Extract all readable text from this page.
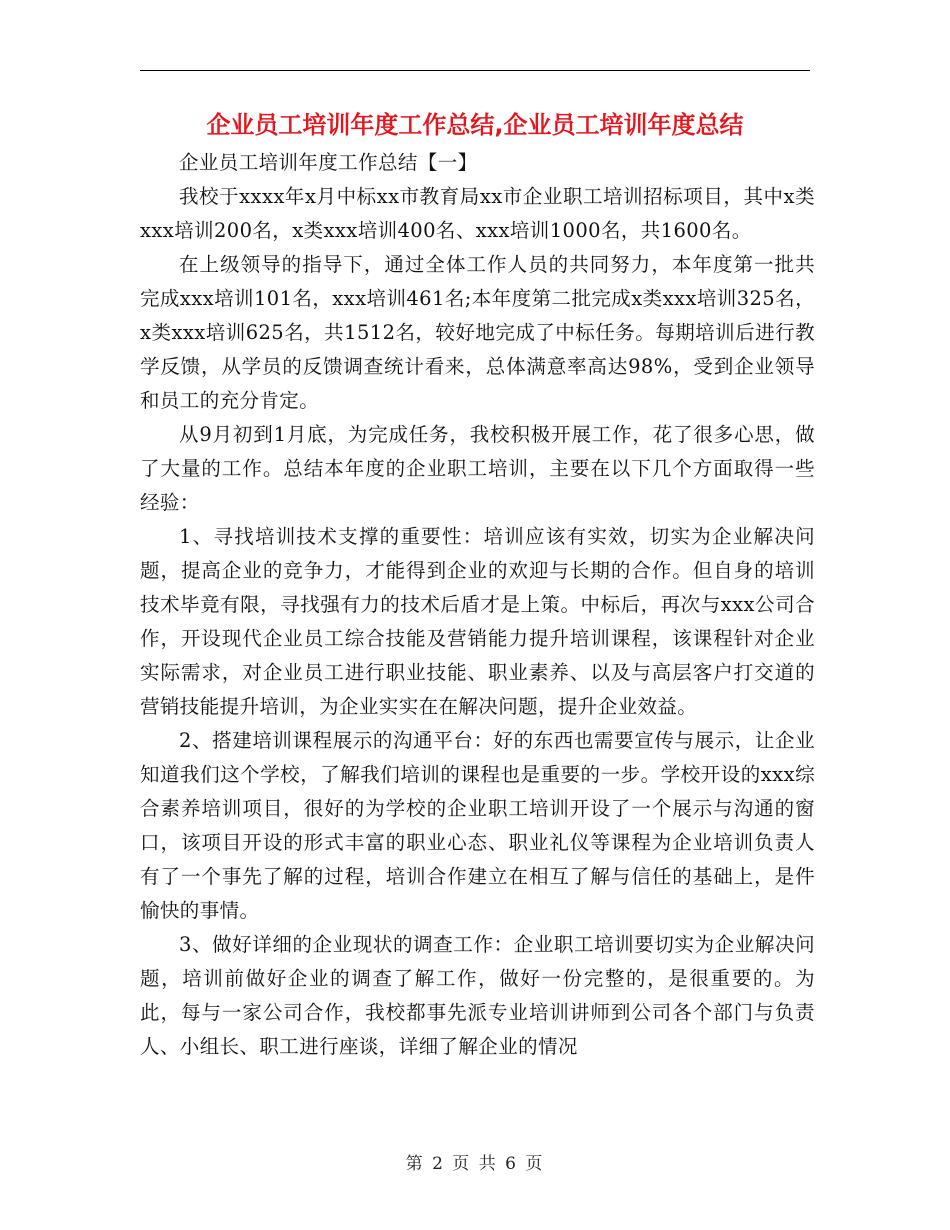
企业员工培训年度工作总结,企业员工培训年度总结

企业员工培训年度工作总结【一】

我校于xxxx年x月中标xx市教育局xx市企业职工培训招标项目，其中x类xxx培训200名，x类xxx培训400名、xxx培训1000名，共1600名。

在上级领导的指导下，通过全体工作人员的共同努力，本年度第一批共完成xxx培训101名，xxx培训461名;本年度第二批完成x类xxx培训325名，x类xxx培训625名，共1512名，较好地完成了中标任务。每期培训后进行教学反馈，从学员的反馈调查统计看来，总体满意率高达98%，受到企业领导和员工的充分肯定。

从9月初到1月底，为完成任务，我校积极开展工作，花了很多心思，做了大量的工作。总结本年度的企业职工培训，主要在以下几个方面取得一些经验：

1、寻找培训技术支撑的重要性：培训应该有实效，切实为企业解决问题，提高企业的竞争力，才能得到企业的欢迎与长期的合作。但自身的培训技术毕竟有限，寻找强有力的技术后盾才是上策。中标后，再次与xxx公司合作，开设现代企业员工综合技能及营销能力提升培训课程，该课程针对企业实际需求，对企业员工进行职业技能、职业素养、以及与高层客户打交道的营销技能提升培训，为企业实实在在解决问题，提升企业效益。

2、搭建培训课程展示的沟通平台：好的东西也需要宣传与展示，让企业知道我们这个学校，了解我们培训的课程也是重要的一步。学校开设的xxx综合素养培训项目，很好的为学校的企业职工培训开设了一个展示与沟通的窗口，该项目开设的形式丰富的职业心态、职业礼仪等课程为企业培训负责人有了一个事先了解的过程，培训合作建立在相互了解与信任的基础上，是件愉快的事情。

3、做好详细的企业现状的调查工作：企业职工培训要切实为企业解决问题，培训前做好企业的调查了解工作，做好一份完整的，是很重要的。为此，每与一家公司合作，我校都事先派专业培训讲师到公司各个部门与负责人、小组长、职工进行座谈，详细了解企业的情况

第 2 页 共 6 页
